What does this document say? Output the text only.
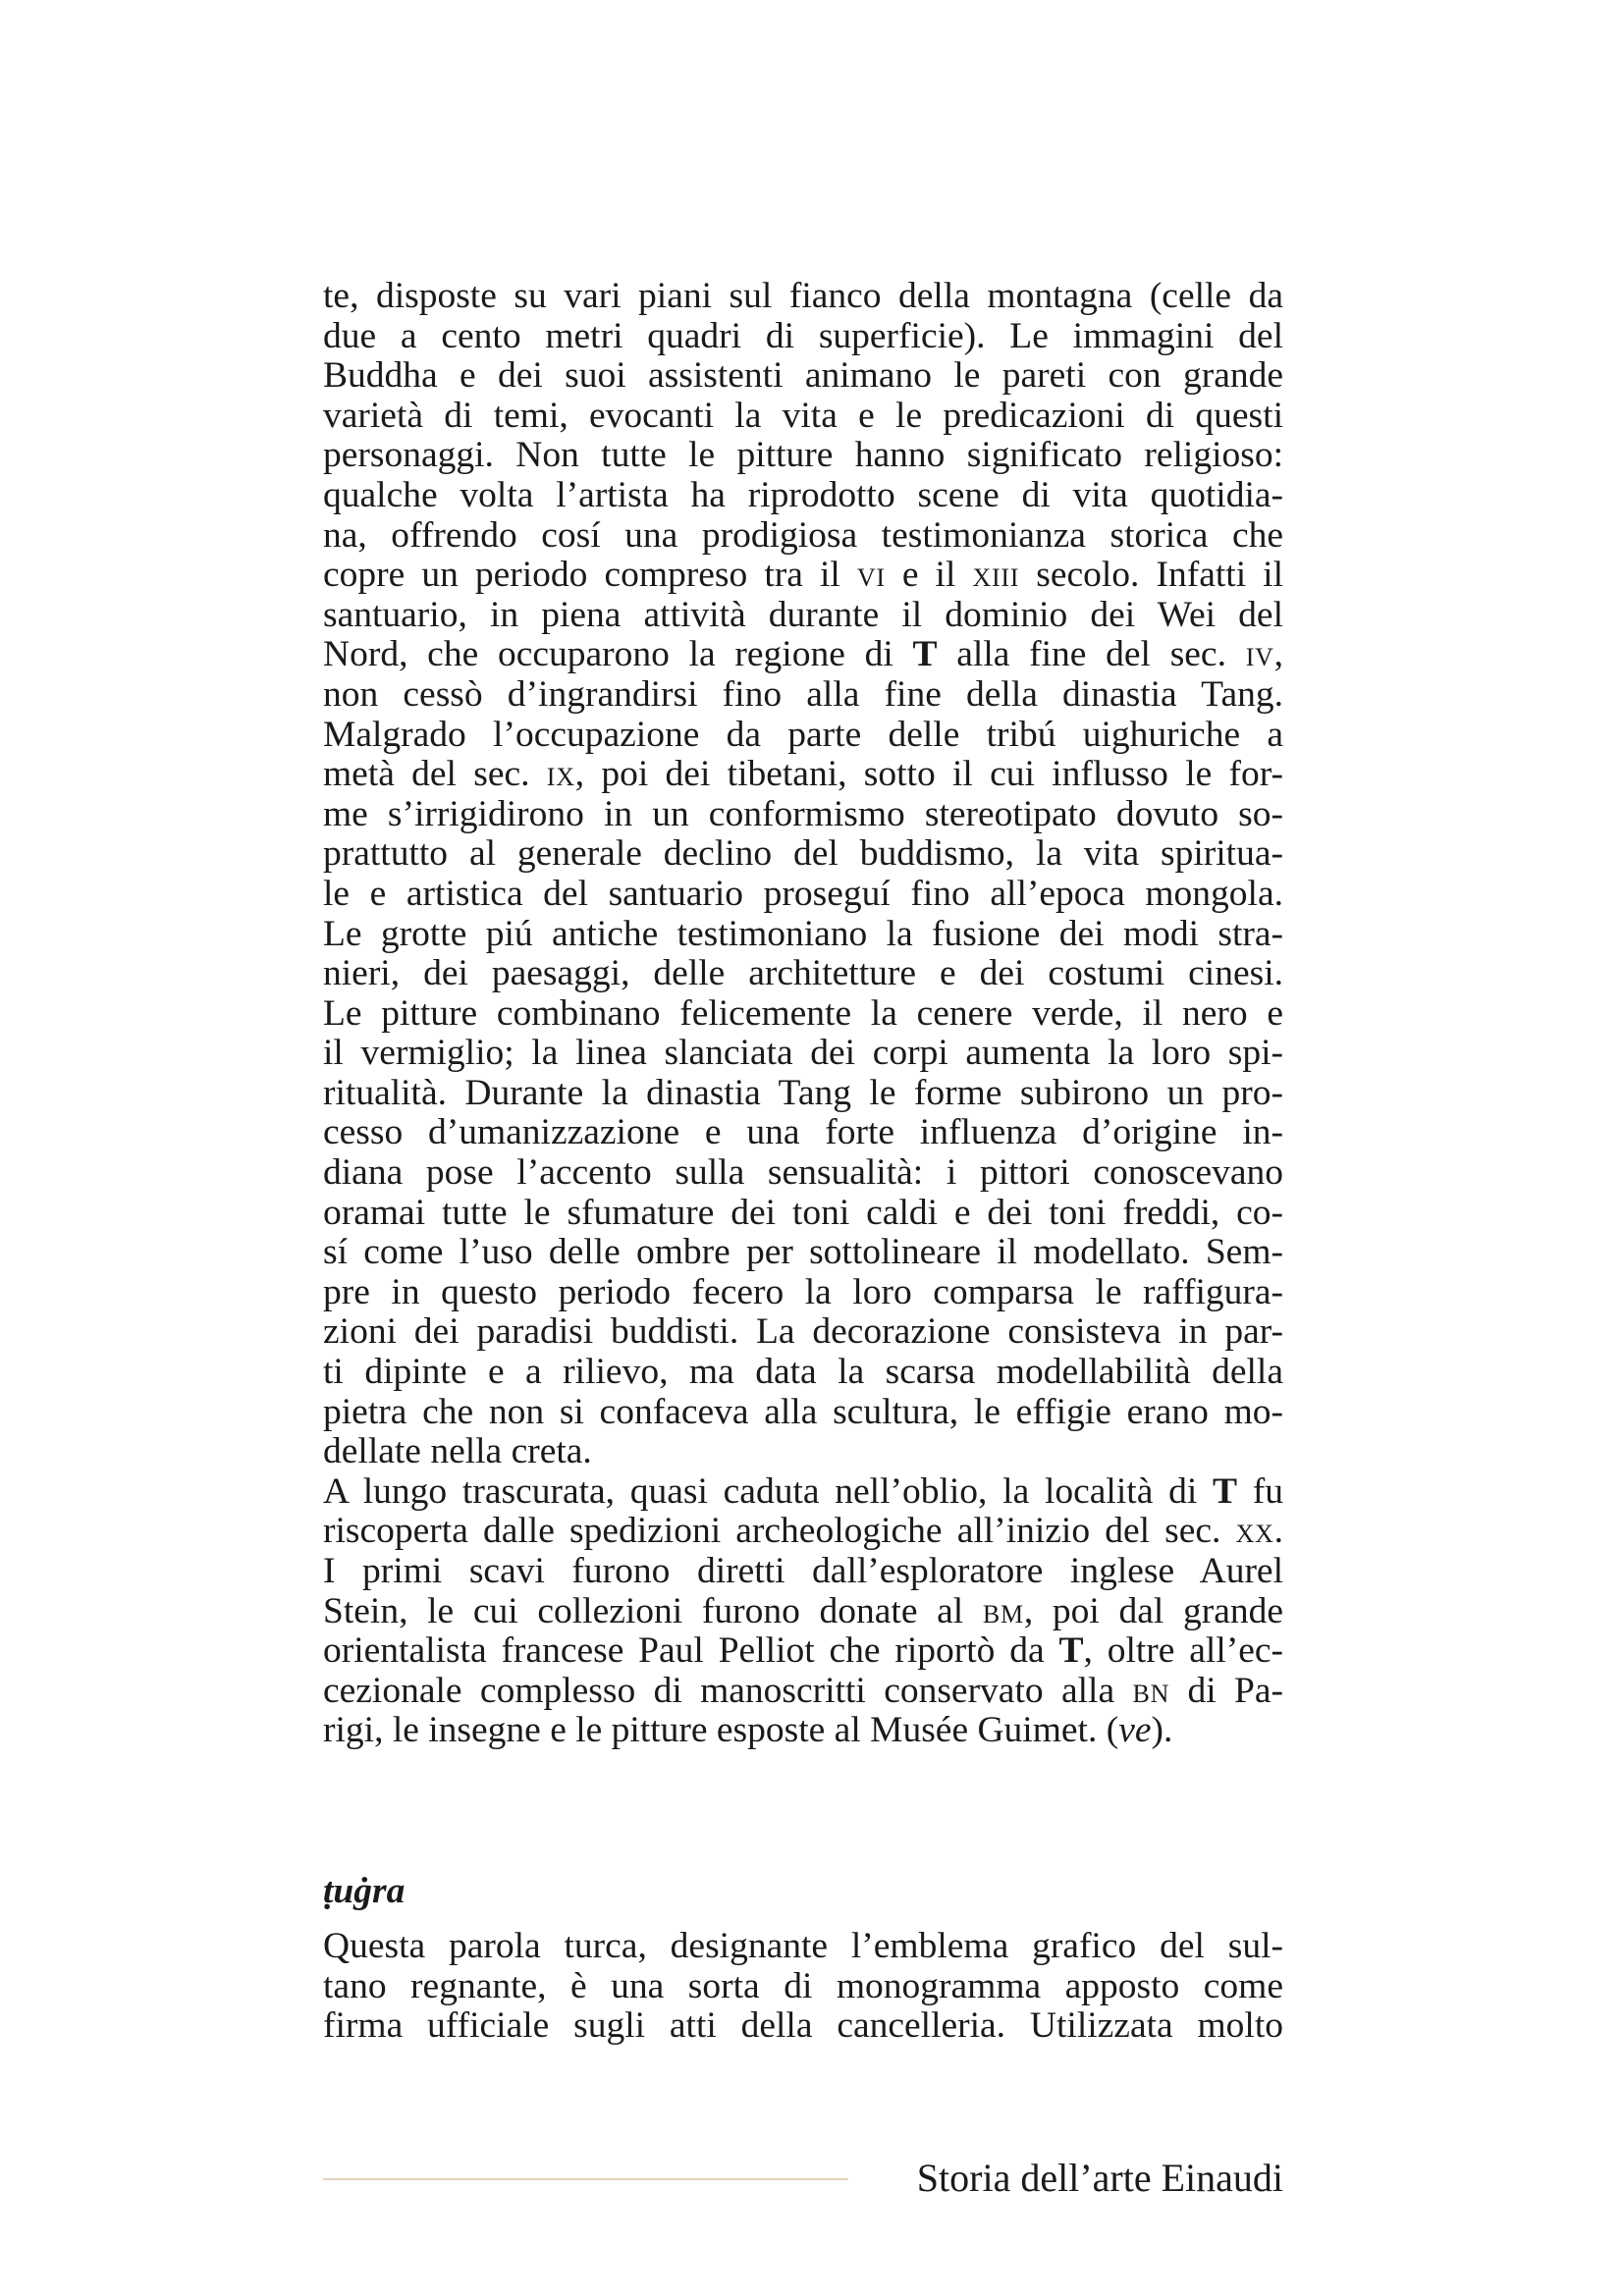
te, disposte su vari piani sul fianco della montagna (celle da
due a cento metri quadri di superficie). Le immagini del
Buddha e dei suoi assistenti animano le pareti con grande
varietà di temi, evocanti la vita e le predicazioni di questi
personaggi. Non tutte le pitture hanno significato religioso:
qualche volta l’artista ha riprodotto scene di vita quotidia-
na, offrendo cosí una prodigiosa testimonianza storica che
copre un periodo compreso tra il vi e il xiii secolo. Infatti il
santuario, in piena attività durante il dominio dei Wei del
Nord, che occuparono la regione di T alla fine del sec. iv,
non cessò d’ingrandirsi fino alla fine della dinastia Tang.
Malgrado l’occupazione da parte delle tribú uighuriche a
metà del sec. ix, poi dei tibetani, sotto il cui influsso le for-
me s’irrigidirono in un conformismo stereotipato dovuto so-
prattutto al generale declino del buddismo, la vita spiritua-
le e artistica del santuario proseguí fino all’epoca mongola.
Le grotte piú antiche testimoniano la fusione dei modi stra-
nieri, dei paesaggi, delle architetture e dei costumi cinesi.
Le pitture combinano felicemente la cenere verde, il nero e
il vermiglio; la linea slanciata dei corpi aumenta la loro spi-
ritualità. Durante la dinastia Tang le forme subirono un pro-
cesso d’umanizzazione e una forte influenza d’origine in-
diana pose l’accento sulla sensualità: i pittori conoscevano
oramai tutte le sfumature dei toni caldi e dei toni freddi, co-
sí come l’uso delle ombre per sottolineare il modellato. Sem-
pre in questo periodo fecero la loro comparsa le raffigura-
zioni dei paradisi buddisti. La decorazione consisteva in par-
ti dipinte e a rilievo, ma data la scarsa modellabilità della
pietra che non si confaceva alla scultura, le effigie erano mo-
dellate nella creta.
A lungo trascurata, quasi caduta nell’oblio, la località di T fu
riscoperta dalle spedizioni archeologiche all’inizio del sec. xx.
I primi scavi furono diretti dall’esploratore inglese Aurel
Stein, le cui collezioni furono donate al bm, poi dal grande
orientalista francese Paul Pelliot che riportò da T, oltre all’ec-
cezionale complesso di manoscritti conservato alla bn di Pa-
rigi, le insegne e le pitture esposte al Musée Guimet. (ve).
ṭuġra
Questa parola turca, designante l’emblema grafico del sul-
tano regnante, è una sorta di monogramma apposto come
firma ufficiale sugli atti della cancelleria. Utilizzata molto
Storia dell’arte Einaudi
